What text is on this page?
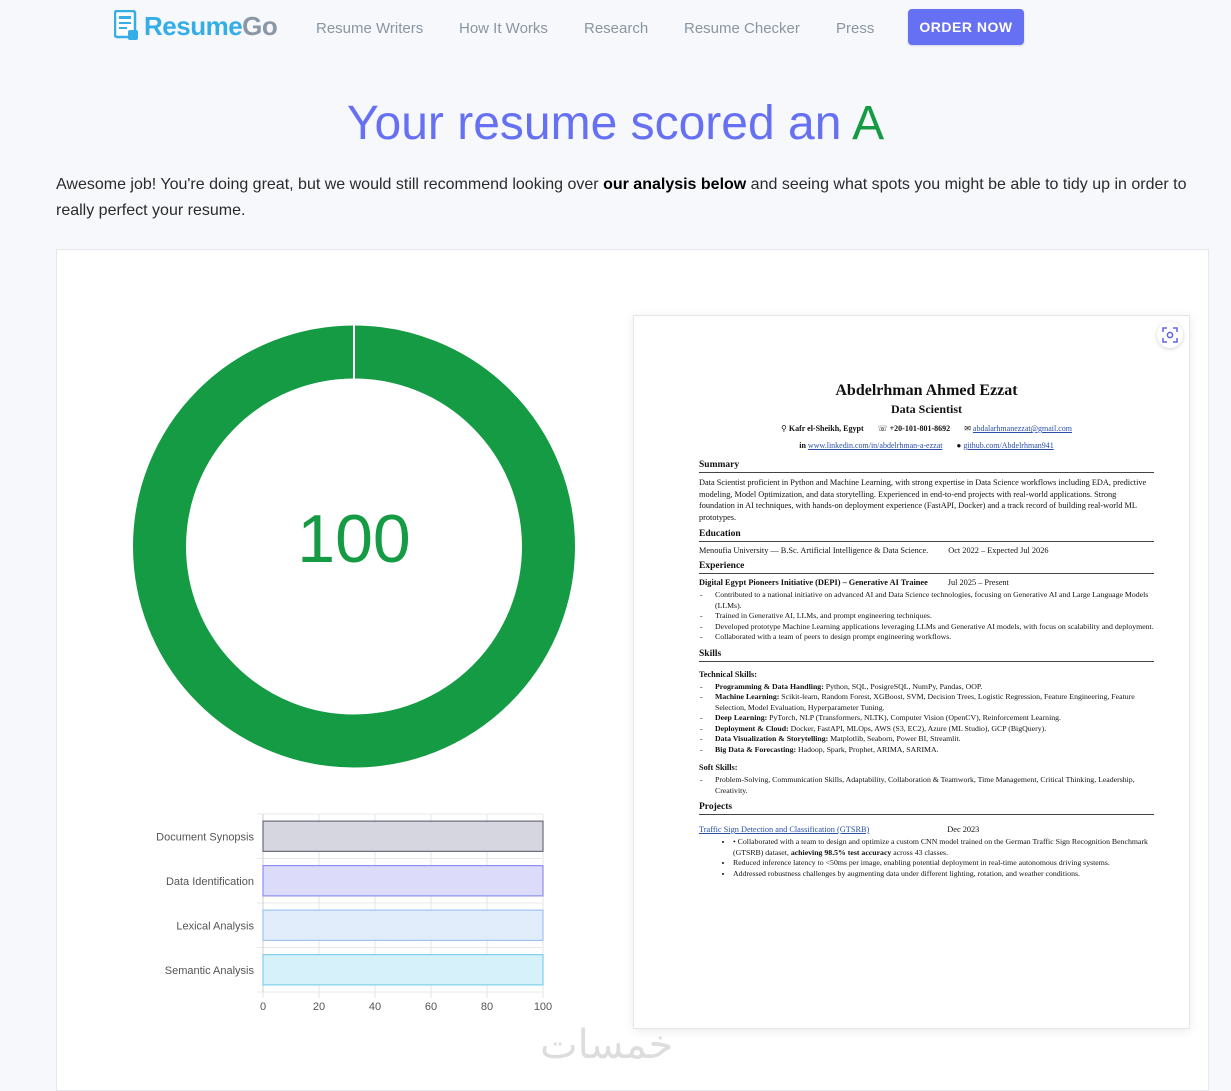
ResumeGo	Resume Writers How It Works Research Resume Checker Press	ORDER NOW
Your resume scored an A
Awesome job! You're doing great, but we would still recommend looking over our analysis below and seeing what spots you might be able to tidy up in order to really perfect your resume.
100
0	20	40	60	80	100
Document Synopsis
Data Identification
Lexical Analysis
Semantic Analysis
Abdelrhman Ahmed Ezzat
Data Scientist
⚲ Kafr el-Sheikh, Egypt ☏ +20-101-801-8692 ✉ abdalarhmanezzat@gmail.com
in www.linkedin.com/in/abdelrhman-a-ezzat ● github.com/Abdelrhman941
Summary
Data Scientist proficient in Python and Machine Learning, with strong expertise in Data Science workflows including EDA, predictive modeling, Model Optimization, and data storytelling. Experienced in end-to-end projects with real-world applications. Strong foundation in AI techniques, with hands-on deployment experience (FastAPI, Docker) and a track record of building real-world ML prototypes.
Education
Menoufia University — B.Sc. Artificial Intelligence & Data Science. Oct 2022 – Expected Jul 2026
Experience
Digital Egypt Pioneers Initiative (DEPI) – Generative AI Trainee Jul 2025 – Present
- Contributed to a national initiative on advanced AI and Data Science technologies, focusing on Generative AI and Large Language Models (LLMs).
- Trained in Generative AI, LLMs, and prompt engineering techniques.
- Developed prototype Machine Learning applications leveraging LLMs and Generative AI models, with focus on scalability and deployment.
- Collaborated with a team of peers to design prompt engineering workflows.
Skills
Technical Skills:
- Programming & Data Handling: Python, SQL, PosigreSQL, NumPy, Pandas, OOP.
- Machine Learning: Scikit-learn, Random Forest, XGBoost, SVM, Decision Trees, Logistic Regression, Feature Engineering, Feature Selection, Model Evaluation, Hyperparameter Tuning.
- Deep Learning: PyTorch, NLP (Transformers, NLTK), Computer Vision (OpenCV), Reinforcement Learning.
- Deployment & Cloud: Docker, FastAPI, MLOps, AWS (S3, EC2), Azure (ML Studio), GCP (BigQuery).
- Data Visualization & Storytelling: Matplotlib, Seaborn, Power BI, Streamlit.
- Big Data & Forecasting: Hadoop, Spark, Prophet, ARIMA, SARIMA.
Soft Skills:
- Problem-Solving, Communication Skills, Adaptability, Collaboration & Teamwork, Time Management, Critical Thinking, Leadership, Creativity.
Projects
Traffic Sign Detection and Classification (GTSRB)	Dec 2023
• • Collaborated with a team to design and optimize a custom CNN model trained on the German Traffic Sign Recognition Benchmark (GTSRB) dataset, achieving 98.5% test accuracy across 43 classes.
• Reduced inference latency to <50ms per image, enabling potential deployment in real-time autonomous driving systems.
• Addressed robustness challenges by augmenting data under different lighting, rotation, and weather conditions.
خمسات
